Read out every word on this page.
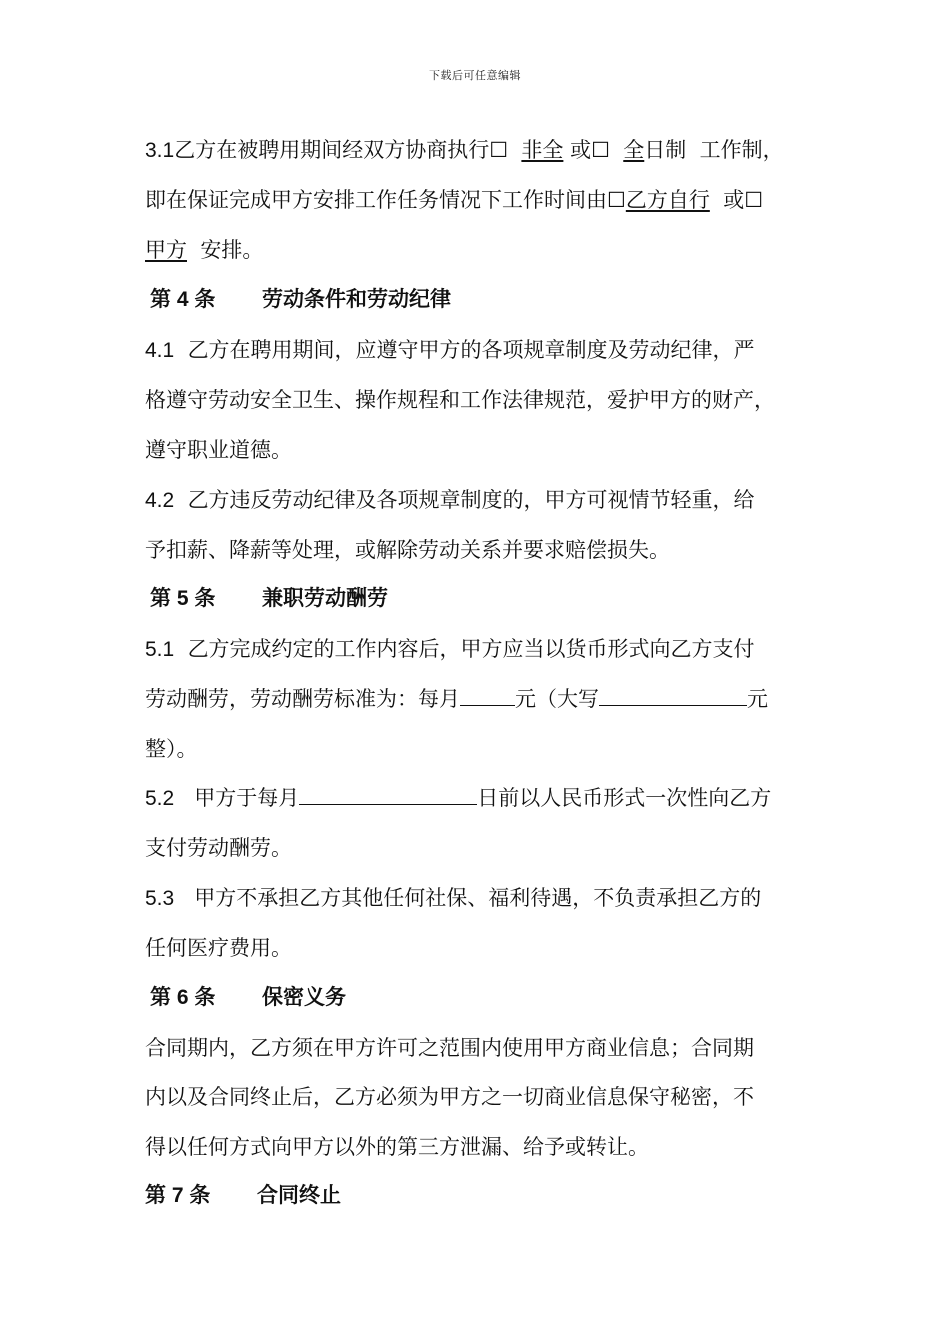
下载后可任意编辑
3.1乙方在被聘用期间经双方协商执行☐ 非全 或☐ 全日制 工作制，
即在保证完成甲方安排工作任务情况下工作时间由☐乙方自行 或☐
甲方 安排。
第 4 条 劳动条件和劳动纪律
4.1 乙方在聘用期间，应遵守甲方的各项规章制度及劳动纪律，严
格遵守劳动安全卫生、操作规程和工作法律规范，爱护甲方的财产，
遵守职业道德。
4.2 乙方违反劳动纪律及各项规章制度的，甲方可视情节轻重，给
予扣薪、降薪等处理，或解除劳动关系并要求赔偿损失。
第 5 条 兼职劳动酬劳
5.1 乙方完成约定的工作内容后，甲方应当以货币形式向乙方支付
劳动酬劳，劳动酬劳标准为：每月	元（大写	元
整）。
5.2 甲方于每月	日前以人民币形式一次性向乙方
支付劳动酬劳。
5.3 甲方不承担乙方其他任何社保、福利待遇，不负责承担乙方的
任何医疗费用。
第 6 条 保密义务
合同期内，乙方须在甲方许可之范围内使用甲方商业信息；合同期
内以及合同终止后，乙方必须为甲方之一切商业信息保守秘密，不
得以任何方式向甲方以外的第三方泄漏、给予或转让。
第 7 条 合同终止
